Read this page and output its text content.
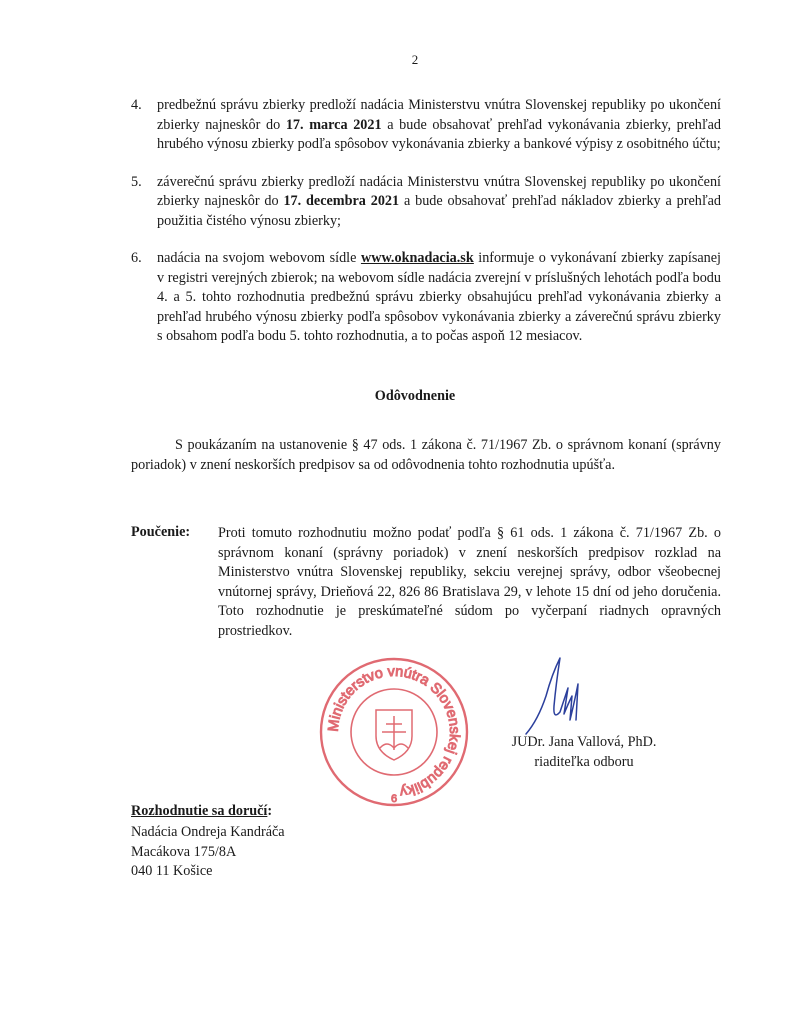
2
4.	predbežnú správu zbierky predloží nadácia Ministerstvu vnútra Slovenskej republiky po ukončení zbierky najneskôr do 17. marca 2021 a bude obsahovať prehľad vykonávania zbierky, prehľad hrubého výnosu zbierky podľa spôsobov vykonávania zbierky a bankové výpisy z osobitného účtu;
5.	záverečnú správu zbierky predloží nadácia Ministerstvu vnútra Slovenskej republiky po ukončení zbierky najneskôr do 17. decembra 2021 a bude obsahovať prehľad nákladov zbierky a prehľad použitia čistého výnosu zbierky;
6.	nadácia na svojom webovom sídle www.oknadacia.sk informuje o vykonávaní zbierky zapísanej v registri verejných zbierok; na webovom sídle nadácia zverejní v príslušných lehotách podľa bodu 4. a 5. tohto rozhodnutia predbežnú správu zbierky obsahujúcu prehľad vykonávania zbierky a prehľad hrubého výnosu zbierky podľa spôsobov vykonávania zbierky a záverečnú správu zbierky s obsahom podľa bodu 5. tohto rozhodnutia, a to počas aspoň 12 mesiacov.
Odôvodnenie
S poukázaním na ustanovenie § 47 ods. 1 zákona č. 71/1967 Zb. o správnom konaní (správny poriadok) v znení neskorších predpisov sa od odôvodnenia tohto rozhodnutia upúšťa.
Poučenie: Proti tomuto rozhodnutiu možno podať podľa § 61 ods. 1 zákona č. 71/1967 Zb. o správnom konaní (správny poriadok) v znení neskorších predpisov rozklad na Ministerstvo vnútra Slovenskej republiky, sekciu verejnej správy, odbor všeobecnej vnútornej správy, Drieňová 22, 826 86 Bratislava 29, v lehote 15 dní od jeho doručenia. Toto rozhodnutie je preskúmateľné súdom po vyčerpaní riadnych opravných prostriedkov.
Ministerstvo vnútra Slovenskej republiky
6
JUDr. Jana Vallová, PhD.
riaditeľka odboru
Rozhodnutie sa doručí:
Nadácia Ondreja Kandráča
Macákova 175/8A
040 11 Košice
